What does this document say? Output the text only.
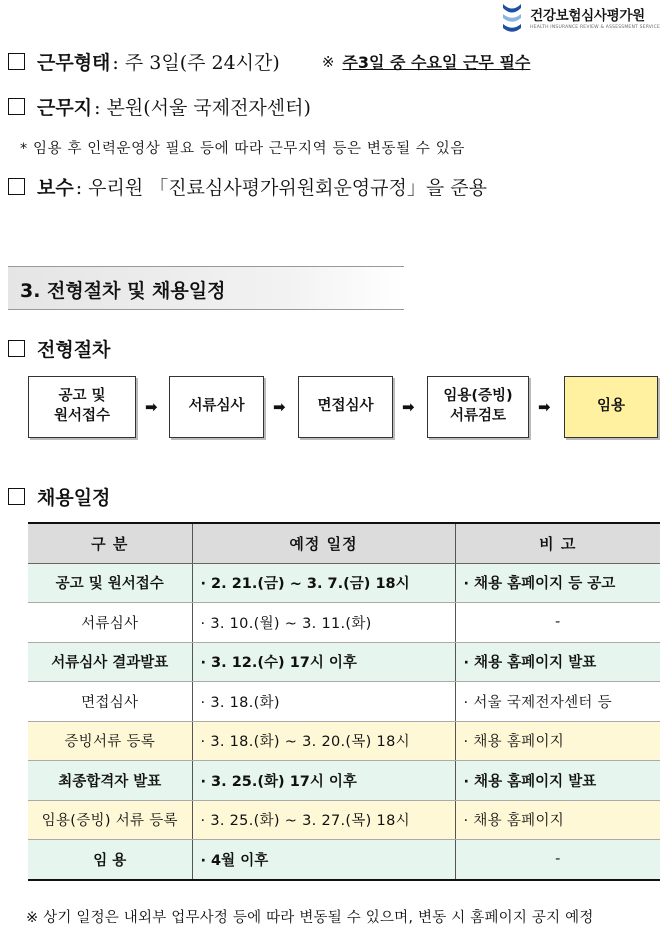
건강보험심사평가원
HEALTH INSURANCE REVIEW & ASSESSMENT SERVICE
근무형태 : 주 3일(주 24시간)	※ 주3일 중 수요일 근무 필수
근무지 : 본원(서울 국제전자센터)
* 임용 후 인력운영상 필요 등에 따라 근무지역 등은 변동될 수 있음
보수 : 우리원 「진료심사평가위원회운영규정」을 준용
3. 전형절차 및 채용일정
전형절차
공고 및
원서접수	➡	서류심사	➡	면접심사	➡
임용(증빙)
서류검토	➡	임용
채용일정
구 분	예정 일정	비 고
공고 및 원서접수	· 2. 21.(금) ~ 3. 7.(금) 18시	· 채용 홈페이지 등 공고
서류심사	· 3. 10.(월) ~ 3. 11.(화)	-
서류심사 결과발표	· 3. 12.(수) 17시 이후	· 채용 홈페이지 발표
면접심사	· 3. 18.(화)	· 서울 국제전자센터 등
증빙서류 등록	· 3. 18.(화) ~ 3. 20.(목) 18시	· 채용 홈페이지
최종합격자 발표	· 3. 25.(화) 17시 이후	· 채용 홈페이지 발표
임용(증빙) 서류 등록	· 3. 25.(화) ~ 3. 27.(목) 18시	· 채용 홈페이지
임 용	· 4월 이후	-
※ 상기 일정은 내외부 업무사정 등에 따라 변동될 수 있으며, 변동 시 홈페이지 공지 예정
